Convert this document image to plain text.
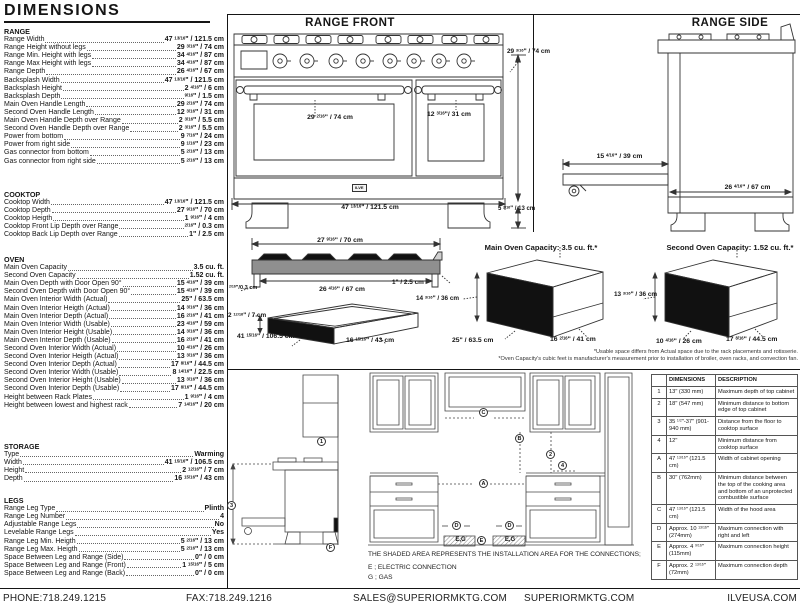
DIMENSIONS
RANGE
Range Width	47 $^{13/16}$" / 121.5 cm
Range Height without legs	29 $^{3/16}$" / 74 cm
Range Min. Height with legs	34 $^{4/16}$" / 87 cm
Range Max Height with legs	34 $^{4/16}$" / 87 cm
Range Depth	26 $^{4/16}$" / 67 cm
Backsplash Width	47 $^{13/16}$" / 121.5 cm
Backsplash Height	2 $^{4/16}$" / 6 cm
Backsplash Depth	$^{9/16}$" / 1.5 cm
Main Oven Handle Length	29 $^{2/16}$" / 74 cm
Second Oven Handle Length	12 $^{3/16}$" / 31 cm
Main Oven Handle Depth over Range	2 $^{3/16}$" / 5.5 cm
Second Oven Handle Depth over Range	2 $^{3/16}$" / 5.5 cm
Power from bottom	9 $^{7/16}$" / 24 cm
Power from right side	9 $^{1/16}$" / 23 cm
Gas connector from bottom	5 $^{2/16}$" / 13 cm
Gas connector from right side	5 $^{2/16}$" / 13 cm
COOKTOP
Cooktop Width	47 $^{13/16}$" / 121.5 cm
Cooktop Depth	27 $^{9/16}$" / 70 cm
Cooktop Heigth	1 $^{9/16}$" / 4 cm
Cooktop Front Lip Depth over Range	$^{2/16}$" / 0.3 cm
Cooktop Back Lip Depth over Range	1" / 2.5 cm
OVEN
Main Oven Capacity	3.5 cu. ft.
Second Oven Capacity	1.52 cu. ft.
Main Oven Depth with Door Open 90°	15 $^{4/16}$" / 39 cm
Second Oven Depth with Door Open 90°	15 $^{4/16}$" / 39 cm
Main Oven Interior Width (Actual)	25" / 63.5 cm
Main Oven Interior Heigth (Actual)	14 $^{3/16}$" / 36 cm
Main Oven Interior Depth (Actual)	16 $^{2/16}$" / 41 cm
Main Oven Interior Width (Usable)	23 $^{4/16}$" / 59 cm
Main Oven Interior Height (Usable)	14 $^{3/16}$" / 36 cm
Main Oven Interior Depth (Usable)	16 $^{2/16}$" / 41 cm
Second Oven Interior Width (Actual)	10 $^{4/16}$" / 26 cm
Second Oven Interior Heigth (Actual)	13 $^{3/16}$" / 36 cm
Second Oven Interior Depth (Actual)	17 $^{8/16}$" / 44.5 cm
Second Oven Interior Width (Usable)	8 $^{14/16}$" / 22.5 cm
Second Oven Interior Height (Usable)	13 $^{3/16}$" / 36 cm
Second Oven Interior Depth (Usable)	17 $^{8/16}$" / 44.5 cm
Height between Rack Plates	1 $^{9/16}$" / 4 cm
Height between lowest and highest rack	7 $^{14/16}$" / 20 cm
STORAGE
Type	Warming
Width	41 $^{15/16}$" / 106.5 cm
Height	2 $^{12/16}$" / 7 cm
Depth	16 $^{15/16}$" / 43 cm
LEGS
Range Leg Type	Plinth
Range Leg Number	4
Adjustable Range Legs	No
Levelable Range Legs	Yes
Range Leg Min. Heigth	5 $^{2/16}$" / 13 cm
Range Leg Max. Heigth	5 $^{2/16}$" / 13 cm
Space Between Leg and Range (Side)	0" / 0 cm
Space Between Leg and Range (Front)	1 $^{15/16}$" / 5 cm
Space Between Leg and Range (Back)	0" / 0 cm
RANGE FRONT	RANGE SIDE
29 $^{2/16}$" / 74 cm	12 $^{3/16}$"/ 31 cm
47 $^{13/16}$" / 121.5 cm
29 $^{3/16}$" / 74 cm
5 $^{2/16}$" / 13 cm
ILVE
15 $^{4/16}$" / 39 cm
26 $^{4/16}$" / 67 cm
27 $^{9/16}$" / 70 cm
26 $^{4/16}$" / 67 cm
1" / 2.5 cm
$^{2/16}$"/0.3 cm
2 $^{12/16}$" / 7 cm
41 $^{15/16}$" / 106.5 cm
16 $^{15/16}$" / 43 cm
Main Oven Capacity: 3.5 cu. ft.*
14 $^{3/16}$" / 36 cm
25" / 63.5 cm	16 $^{2/16}$" / 41 cm
Second Oven Capacity: 1.52 cu. ft.*
13 $^{3/16}$" / 36 cm
10 $^{4/16}$" / 26 cm	17 $^{8/16}$" / 44.5 cm
*Usable space differs from Actual space due to the rack placements and rotisserie.
*Oven Capacity's cubic feet is manufacturer's measurement prior to installation of broiler, oven racks, and convection fan.
1
3
F
C
B
2
4
A
D	D
E
E,G	E,G
THE SHADED AREA REPRESENTS THE INSTALLATION AREA FOR THE CONNECTIONS;
E ; ELECTRIC CONNECTION
G ; GAS
	DIMENSIONS	DESCRIPTION
1	13" (330 mm)	Maximum depth of top cabinet
2	18" (547 mm)	Minimum distance to bottom edge of top cabinet
3	35 $^{1/2}$"-37" (901-940 mm)	Distance from the floor to cooktop surface
4	12"	Minimum distance from cooktop surface
A	47 $^{13/16}$" (121.5 cm)	Width of cabinet opening
B	30" (762mm)	Minimum distance between the top of the cooking area and bottom of an unprotected combustible surface
C	47 $^{13/16}$" (121.5 cm)	Width of the hood area
D	Approx. 10 $^{13/16}$" (274mm)	Maximum connection with right and left
E	Approx. 4 $^{9/16}$" (115mm)	Maximum connection height
F	Approx. 2 $^{13/16}$" (72mm)	Maximum connection depth
PHONE:718.249.1215	FAX:718.249.1216	SALES@SUPERIORMKTG.COM SUPERIORMKTG.COM	ILVEUSA.COM
